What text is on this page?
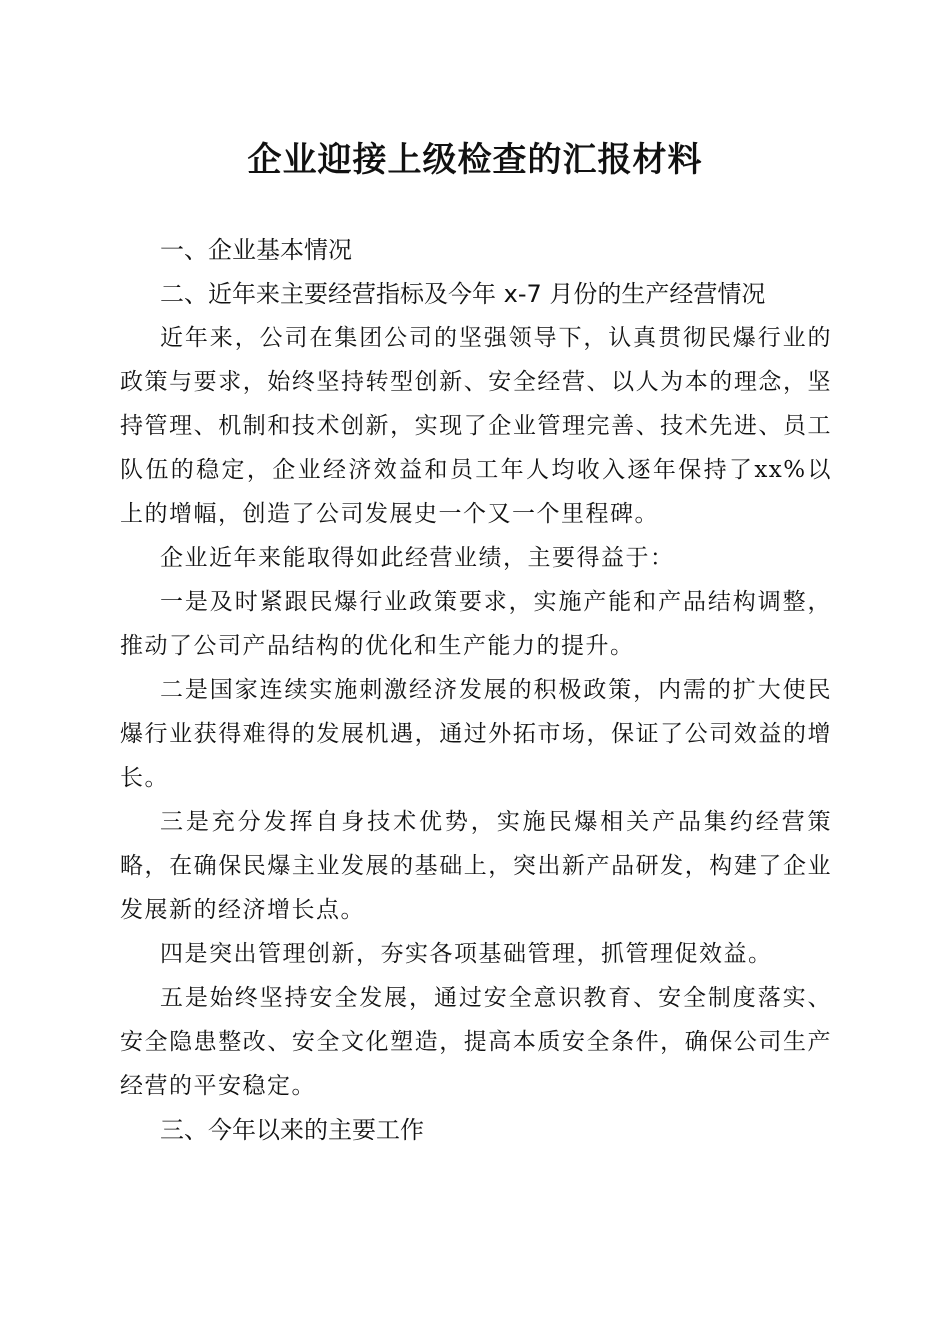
企业迎接上级检查的汇报材料

一、企业基本情况

二、近年来主要经营指标及今年 x-7 月份的生产经营情况

近年来，公司在集团公司的坚强领导下，认真贯彻民爆行业的政策与要求，始终坚持转型创新、安全经营、以人为本的理念，坚持管理、机制和技术创新，实现了企业管理完善、技术先进、员工队伍的稳定，企业经济效益和员工年人均收入逐年保持了xx%以上的增幅，创造了公司发展史一个又一个里程碑。

企业近年来能取得如此经营业绩，主要得益于：

一是及时紧跟民爆行业政策要求，实施产能和产品结构调整，推动了公司产品结构的优化和生产能力的提升。

二是国家连续实施刺激经济发展的积极政策，内需的扩大使民爆行业获得难得的发展机遇，通过外拓市场，保证了公司效益的增长。

三是充分发挥自身技术优势，实施民爆相关产品集约经营策略，在确保民爆主业发展的基础上，突出新产品研发，构建了企业发展新的经济增长点。

四是突出管理创新，夯实各项基础管理，抓管理促效益。

五是始终坚持安全发展，通过安全意识教育、安全制度落实、安全隐患整改、安全文化塑造，提高本质安全条件，确保公司生产经营的平安稳定。

三、今年以来的主要工作
